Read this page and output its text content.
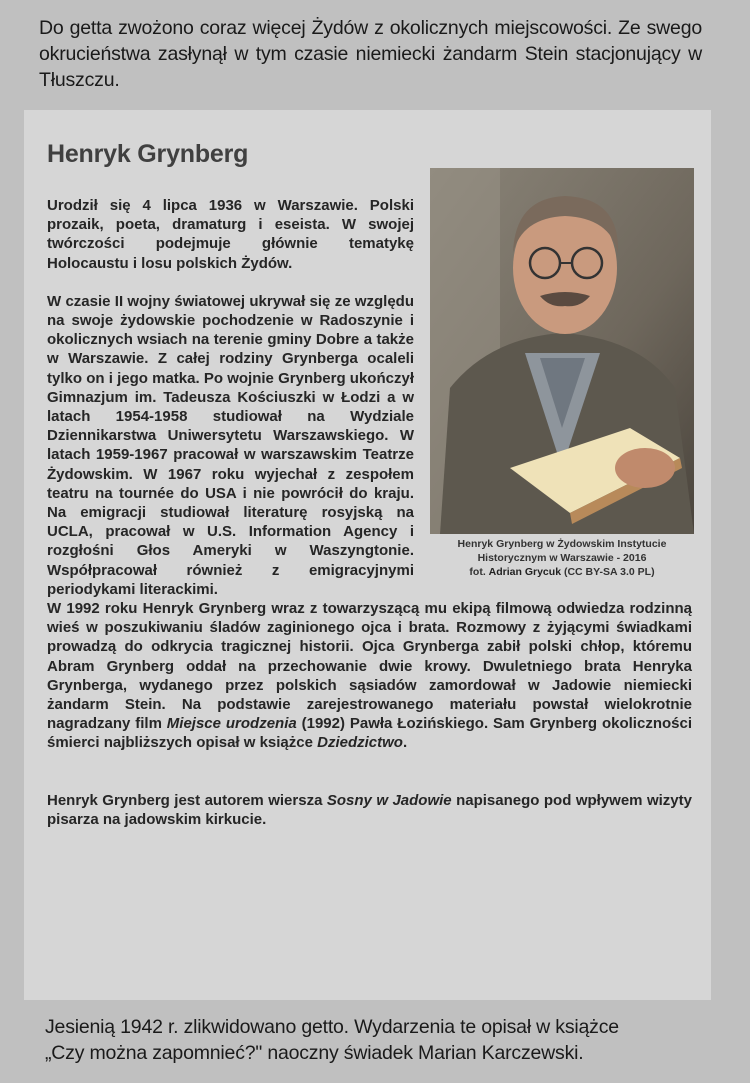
Do getta zwożono coraz więcej Żydów z okolicznych miejscowości. Ze swego okrucieństwa zasłynął w tym czasie niemiecki żandarm Stein stacjonujący w Tłuszczu.
Henryk Grynberg
Henryk Grynberg w Żydowskim Instytucie
Historycznym w Warszawie - 2016
fot. Adrian Grycuk (CC BY-SA 3.0 PL)

Urodził się 4 lipca 1936 w Warszawie. Polski prozaik, poeta, dramaturg i eseista. W swojej twórczości podejmuje głównie tematykę Holocaustu i losu polskich Żydów.

W czasie II wojny światowej ukrywał się ze względu na swoje żydowskie pochodzenie w Radoszynie i okolicznych wsiach na terenie gminy Dobre a także w Warszawie. Z całej rodziny Grynberga ocaleli tylko on i jego matka. Po wojnie Grynberg ukończył Gimnazjum im. Tadeusza Kościuszki w Łodzi a w latach 1954-1958 studiował na Wydziale Dziennikarstwa Uniwersytetu Warszawskiego. W latach 1959-1967 pracował w warszawskim Teatrze Żydowskim. W 1967 roku wyjechał z zespołem teatru na tournée do USA i nie powrócił do kraju. Na emigracji studiował literaturę rosyjską na UCLA, pracował w U.S. Information Agency i rozgłośni Głos Ameryki w Waszyngtonie. Współpracował również z emigracyjnymi periodykami literackimi.

W 1992 roku Henryk Grynberg wraz z towarzyszącą mu ekipą filmową odwiedza rodzinną wieś w poszukiwaniu śladów zaginionego ojca i brata. Rozmowy z żyjącymi świadkami prowadzą do odkrycia tragicznej historii. Ojca Grynberga zabił polski chłop, któremu Abram Grynberg oddał na przechowanie dwie krowy. Dwuletniego brata Henryka Grynberga, wydanego przez polskich sąsiadów zamordował w Jadowie niemiecki żandarm Stein. Na podstawie zarejestrowanego materiału powstał wielokrotnie nagradzany film Miejsce urodzenia (1992) Pawła Łozińskiego. Sam Grynberg okoliczności śmierci najbliższych opisał w książce Dziedzictwo.

Henryk Grynberg jest autorem wiersza Sosny w Jadowie napisanego pod wpływem wizyty pisarza na jadowskim kirkucie.

Jesienią 1942 r. zlikwidowano getto. Wydarzenia te opisał w książce
„Czy można zapomnieć?" naoczny świadek Marian Karczewski.
